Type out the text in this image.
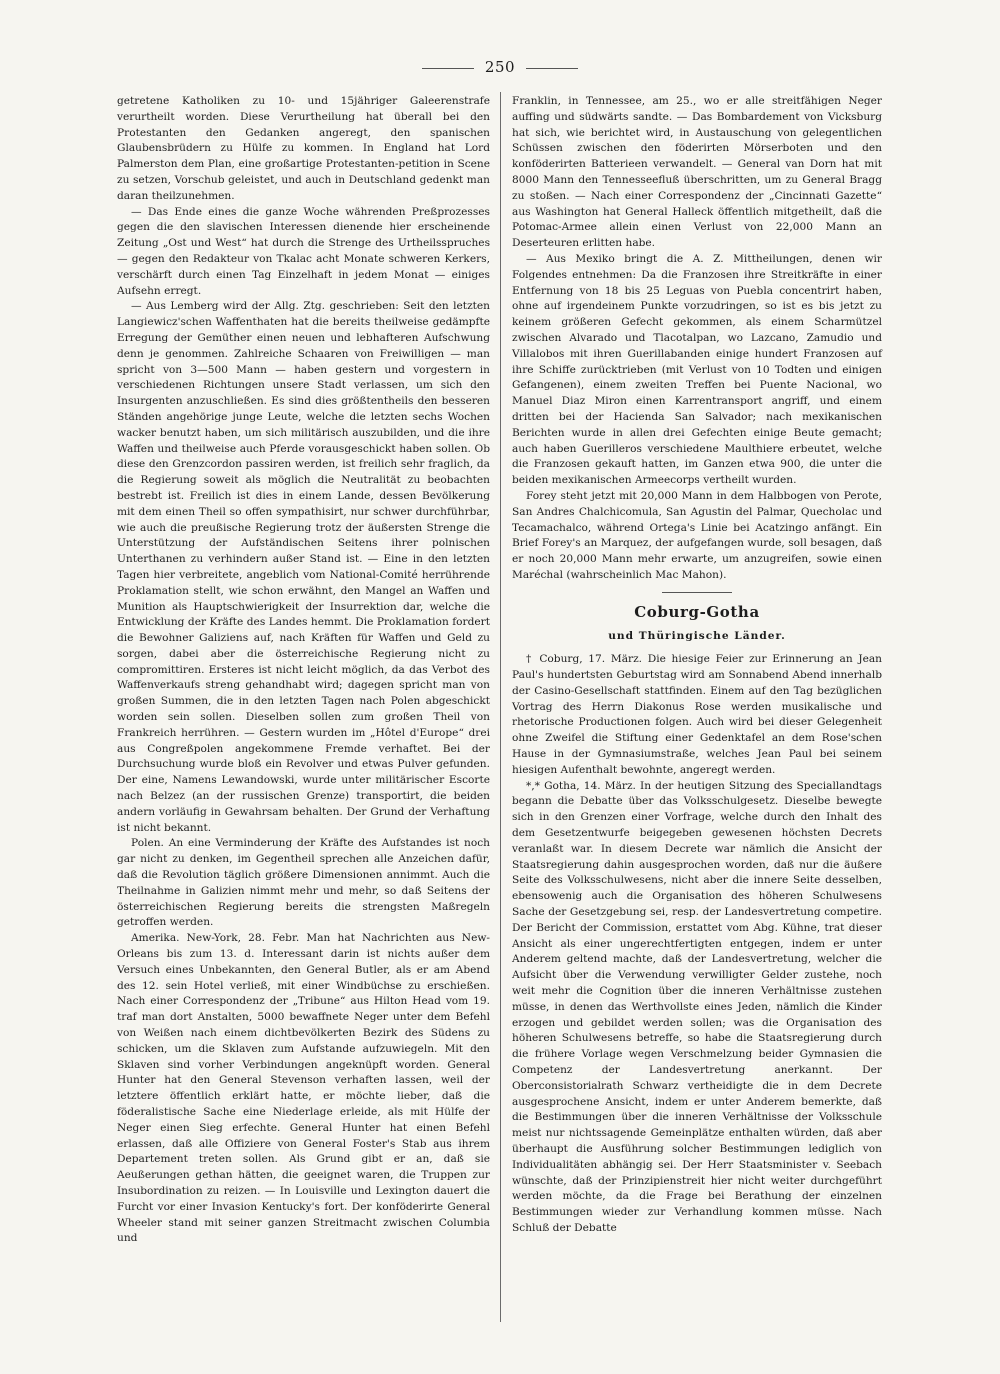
250

getretene Katholiken zu 10- und 15jähriger Galeerenstrafe verurtheilt worden. Diese Verurtheilung hat überall bei den Protestanten den Gedanken angeregt, den spanischen Glaubensbrüdern zu Hülfe zu kommen. In England hat Lord Palmerston dem Plan, eine großartige Protestanten-petition in Scene zu setzen, Vorschub geleistet, und auch in Deutschland gedenkt man daran theilzunehmen.

— Das Ende eines die ganze Woche währenden Preßprozesses gegen die den slavischen Interessen dienende hier erscheinende Zeitung „Ost und West“ hat durch die Strenge des Urtheilsspruches — gegen den Redakteur von Tkalac acht Monate schweren Kerkers, verschärft durch einen Tag Einzelhaft in jedem Monat — einiges Aufsehn erregt.

— Aus Lemberg wird der Allg. Ztg. geschrieben: Seit den letzten Langiewicz'schen Waffenthaten hat die bereits theilweise gedämpfte Erregung der Gemüther einen neuen und lebhafteren Aufschwung denn je genommen. Zahlreiche Schaaren von Freiwilligen — man spricht von 3—500 Mann — haben gestern und vorgestern in verschiedenen Richtungen unsere Stadt verlassen, um sich den Insurgenten anzuschließen. Es sind dies größtentheils den besseren Ständen angehörige junge Leute, welche die letzten sechs Wochen wacker benutzt haben, um sich militärisch auszubilden, und die ihre Waffen und theilweise auch Pferde vorausgeschickt haben sollen. Ob diese den Grenzcordon passiren werden, ist freilich sehr fraglich, da die Regierung soweit als möglich die Neutralität zu beobachten bestrebt ist. Freilich ist dies in einem Lande, dessen Bevölkerung mit dem einen Theil so offen sympathisirt, nur schwer durchführbar, wie auch die preußische Regierung trotz der äußersten Strenge die Unterstützung der Aufständischen Seitens ihrer polnischen Unterthanen zu verhindern außer Stand ist. — Eine in den letzten Tagen hier verbreitete, angeblich vom National-Comité herrührende Proklamation stellt, wie schon erwähnt, den Mangel an Waffen und Munition als Hauptschwierigkeit der Insurrektion dar, welche die Entwicklung der Kräfte des Landes hemmt. Die Proklamation fordert die Bewohner Galiziens auf, nach Kräften für Waffen und Geld zu sorgen, dabei aber die österreichische Regierung nicht zu compromittiren. Ersteres ist nicht leicht möglich, da das Verbot des Waffenverkaufs streng gehandhabt wird; dagegen spricht man von großen Summen, die in den letzten Tagen nach Polen abgeschickt worden sein sollen. Dieselben sollen zum großen Theil von Frankreich herrühren. — Gestern wurden im „Hôtel d'Europe“ drei aus Congreßpolen angekommene Fremde verhaftet. Bei der Durchsuchung wurde bloß ein Revolver und etwas Pulver gefunden. Der eine, Namens Lewandowski, wurde unter militärischer Escorte nach Belzez (an der russischen Grenze) transportirt, die beiden andern vorläufig in Gewahrsam behalten. Der Grund der Verhaftung ist nicht bekannt.

Polen. An eine Verminderung der Kräfte des Aufstandes ist noch gar nicht zu denken, im Gegentheil sprechen alle Anzeichen dafür, daß die Revolution täglich größere Dimensionen annimmt. Auch die Theilnahme in Galizien nimmt mehr und mehr, so daß Seitens der österreichischen Regierung bereits die strengsten Maßregeln getroffen werden.

Amerika. New-York, 28. Febr. Man hat Nachrichten aus New-Orleans bis zum 13. d. Interessant darin ist nichts außer dem Versuch eines Unbekannten, den General Butler, als er am Abend des 12. sein Hotel verließ, mit einer Windbüchse zu erschießen. Nach einer Correspondenz der „Tribune“ aus Hilton Head vom 19. traf man dort Anstalten, 5000 bewaffnete Neger unter dem Befehl von Weißen nach einem dichtbevölkerten Bezirk des Südens zu schicken, um die Sklaven zum Aufstande aufzuwiegeln. Mit den Sklaven sind vorher Verbindungen angeknüpft worden. General Hunter hat den General Stevenson verhaften lassen, weil der letztere öffentlich erklärt hatte, er möchte lieber, daß die föderalistische Sache eine Niederlage erleide, als mit Hülfe der Neger einen Sieg erfechte. General Hunter hat einen Befehl erlassen, daß alle Offiziere von General Foster's Stab aus ihrem Departement treten sollen. Als Grund gibt er an, daß sie Aeußerungen gethan hätten, die geeignet waren, die Truppen zur Insubordination zu reizen. — In Louisville und Lexington dauert die Furcht vor einer Invasion Kentucky's fort. Der konföderirte General Wheeler stand mit seiner ganzen Streitmacht zwischen Columbia und

Franklin, in Tennessee, am 25., wo er alle streitfähigen Neger auffing und südwärts sandte. — Das Bombardement von Vicksburg hat sich, wie berichtet wird, in Austauschung von gelegentlichen Schüssen zwischen den föderirten Mörserboten und den konföderirten Batterieen verwandelt. — General van Dorn hat mit 8000 Mann den Tennesseefluß überschritten, um zu General Bragg zu stoßen. — Nach einer Correspondenz der „Cincinnati Gazette“ aus Washington hat General Halleck öffentlich mitgetheilt, daß die Potomac-Armee allein einen Verlust von 22,000 Mann an Deserteuren erlitten habe.

— Aus Mexiko bringt die A. Z. Mittheilungen, denen wir Folgendes entnehmen: Da die Franzosen ihre Streitkräfte in einer Entfernung von 18 bis 25 Leguas von Puebla concentrirt haben, ohne auf irgendeinem Punkte vorzudringen, so ist es bis jetzt zu keinem größeren Gefecht gekommen, als einem Scharmützel zwischen Alvarado und Tlacotalpan, wo Lazcano, Zamudio und Villalobos mit ihren Guerillabanden einige hundert Franzosen auf ihre Schiffe zurücktrieben (mit Verlust von 10 Todten und einigen Gefangenen), einem zweiten Treffen bei Puente Nacional, wo Manuel Diaz Miron einen Karrentransport angriff, und einem dritten bei der Hacienda San Salvador; nach mexikanischen Berichten wurde in allen drei Gefechten einige Beute gemacht; auch haben Guerilleros verschiedene Maulthiere erbeutet, welche die Franzosen gekauft hatten, im Ganzen etwa 900, die unter die beiden mexikanischen Armeecorps vertheilt wurden.

Forey steht jetzt mit 20,000 Mann in dem Halbbogen von Perote, San Andres Chalchicomula, San Agustin del Palmar, Quecholac und Tecamachalco, während Ortega's Linie bei Acatzingo anfängt. Ein Brief Forey's an Marquez, der aufgefangen wurde, soll besagen, daß er noch 20,000 Mann mehr erwarte, um anzugreifen, sowie einen Maréchal (wahrscheinlich Mac Mahon).

Coburg-Gotha
und Thüringische Länder.

† Coburg, 17. März. Die hiesige Feier zur Erinnerung an Jean Paul's hundertsten Geburtstag wird am Sonnabend Abend innerhalb der Casino-Gesellschaft stattfinden. Einem auf den Tag bezüglichen Vortrag des Herrn Diakonus Rose werden musikalische und rhetorische Productionen folgen. Auch wird bei dieser Gelegenheit ohne Zweifel die Stiftung einer Gedenktafel an dem Rose'schen Hause in der Gymnasiumstraße, welches Jean Paul bei seinem hiesigen Aufenthalt bewohnte, angeregt werden.

*‚* Gotha, 14. März. In der heutigen Sitzung des Speciallandtags begann die Debatte über das Volksschulgesetz. Dieselbe bewegte sich in den Grenzen einer Vorfrage, welche durch den Inhalt des dem Gesetzentwurfe beigegeben gewesenen höchsten Decrets veranlaßt war. In diesem Decrete war nämlich die Ansicht der Staatsregierung dahin ausgesprochen worden, daß nur die äußere Seite des Volksschulwesens, nicht aber die innere Seite desselben, ebensowenig auch die Organisation des höheren Schulwesens Sache der Gesetzgebung sei, resp. der Landesvertretung competire. Der Bericht der Commission, erstattet vom Abg. Kühne, trat dieser Ansicht als einer ungerechtfertigten entgegen, indem er unter Anderem geltend machte, daß der Landesvertretung, welcher die Aufsicht über die Verwendung verwilligter Gelder zustehe, noch weit mehr die Cognition über die inneren Verhältnisse zustehen müsse, in denen das Werthvollste eines Jeden, nämlich die Kinder erzogen und gebildet werden sollen; was die Organisation des höheren Schulwesens betreffe, so habe die Staatsregierung durch die frühere Vorlage wegen Verschmelzung beider Gymnasien die Competenz der Landesvertretung anerkannt. Der Oberconsistorialrath Schwarz vertheidigte die in dem Decrete ausgesprochene Ansicht, indem er unter Anderem bemerkte, daß die Bestimmungen über die inneren Verhältnisse der Volksschule meist nur nichtssagende Gemeinplätze enthalten würden, daß aber überhaupt die Ausführung solcher Bestimmungen lediglich von Individualitäten abhängig sei. Der Herr Staatsminister v. Seebach wünschte, daß der Prinzipienstreit hier nicht weiter durchgeführt werden möchte, da die Frage bei Berathung der einzelnen Bestimmungen wieder zur Verhandlung kommen müsse. Nach Schluß der Debatte
